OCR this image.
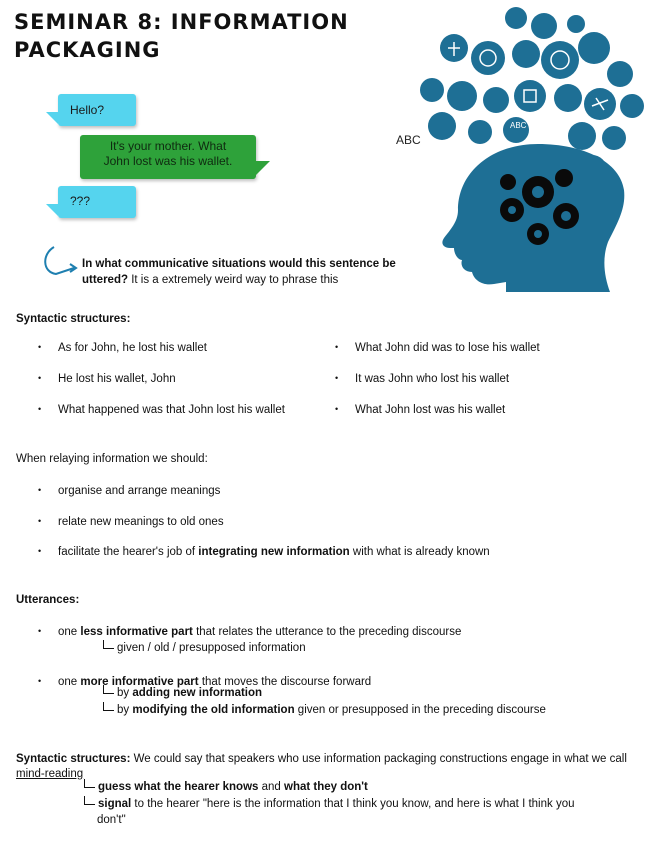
SEMINAR 8: INFORMATION
PACKAGING
Hello?
It's your mother. What
John lost was his wallet.
???
In what communicative situations would this sentence be uttered? It is a extremely weird way to phrase this
ABC
ABC

Syntactic structures:

• As for John, he lost his wallet
• He lost his wallet, John
• What happened was that John lost his wallet
• What John did was to lose his wallet
• It was John who lost his wallet
• What John lost was his wallet

When relaying information we should:

• organise and arrange meanings
• relate new meanings to old ones
• facilitate the hearer's job of integrating new information with what is already known

Utterances:

• one less informative part that relates the utterance to the preceding discourse
• one more informative part that moves the discourse forward
given / old / presupposed information
by adding new information
by modifying the old information given or presupposed in the preceding discourse
Syntactic structures: We could say that speakers who use information packaging constructions engage in what we call mind-reading
guess what the hearer knows and what they don't
signal to the hearer "here is the information that I think you know, and here is what I think you
don't"
